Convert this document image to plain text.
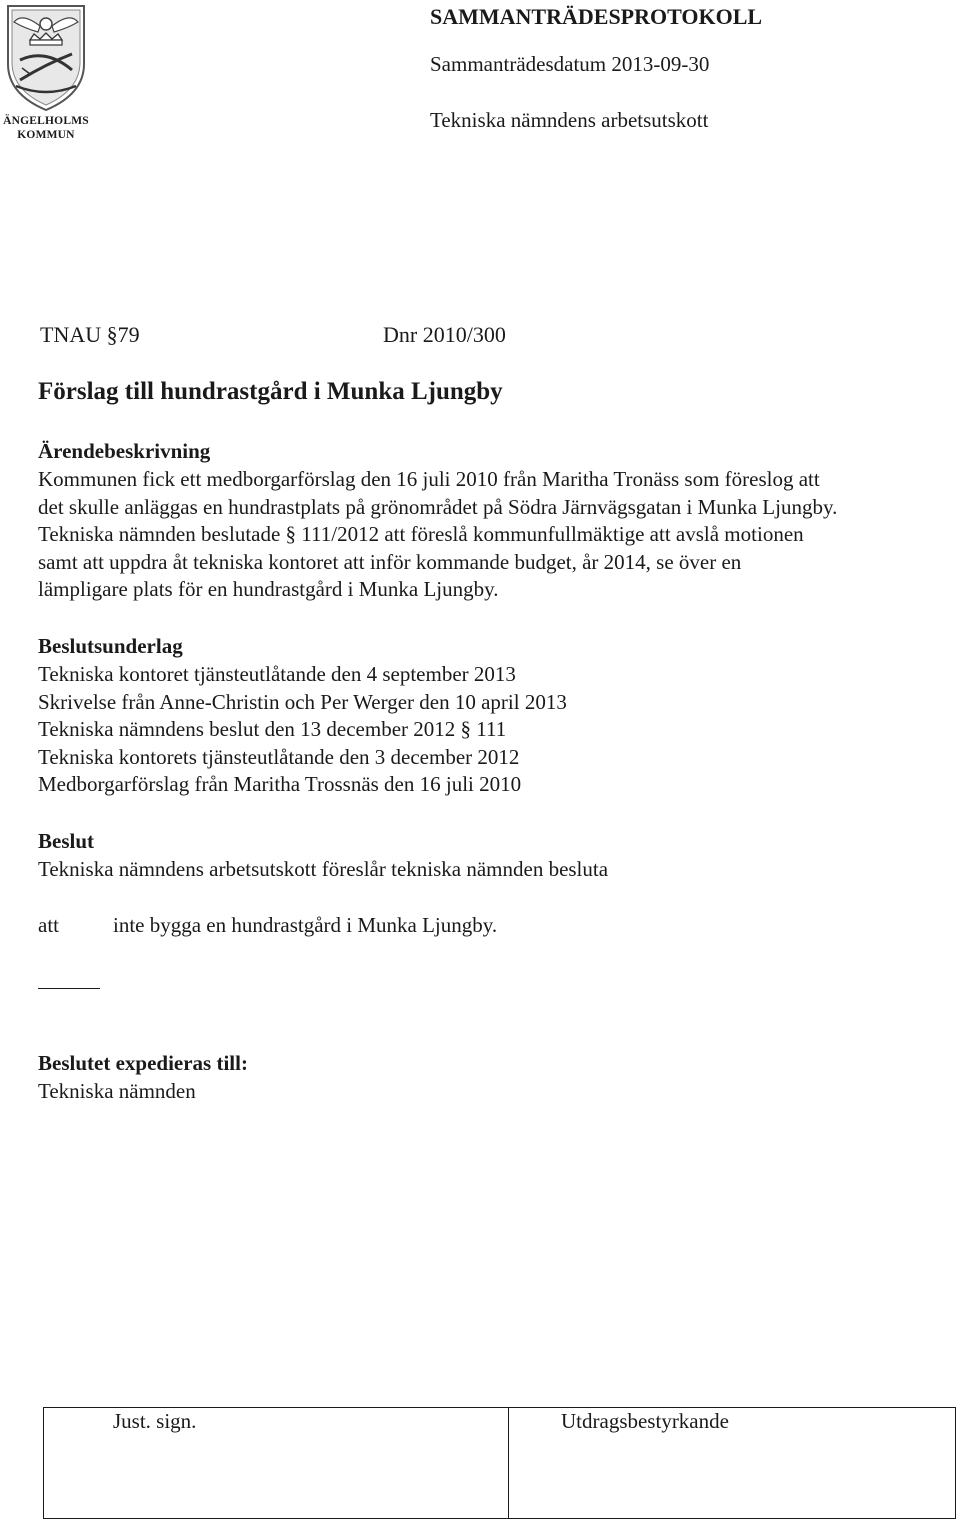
ÄNGELHOLMS
KOMMUN
SAMMANTRÄDESPROTOKOLL
Sammanträdesdatum 2013-09-30
Tekniska nämndens arbetsutskott
TNAU §79	Dnr 2010/300
Förslag till hundrastgård i Munka Ljungby
Ärendebeskrivning
Kommunen fick ett medborgarförslag den 16 juli 2010 från Maritha Tronäss som föreslog att
det skulle anläggas en hundrastplats på grönområdet på Södra Järnvägsgatan i Munka Ljungby.
Tekniska nämnden beslutade § 111/2012 att föreslå kommunfullmäktige att avslå motionen
samt att uppdra åt tekniska kontoret att inför kommande budget, år 2014, se över en
lämpligare plats för en hundrastgård i Munka Ljungby.
Beslutsunderlag
Tekniska kontoret tjänsteutlåtande den 4 september 2013
Skrivelse från Anne-Christin och Per Werger den 10 april 2013
Tekniska nämndens beslut den 13 december 2012 § 111
Tekniska kontorets tjänsteutlåtande den 3 december 2012
Medborgarförslag från Maritha Trossnäs den 16 juli 2010
Beslut
Tekniska nämndens arbetsutskott föreslår tekniska nämnden besluta
att	inte bygga en hundrastgård i Munka Ljungby.
Beslutet expedieras till:
Tekniska nämnden
Just. sign.	Utdragsbestyrkande
